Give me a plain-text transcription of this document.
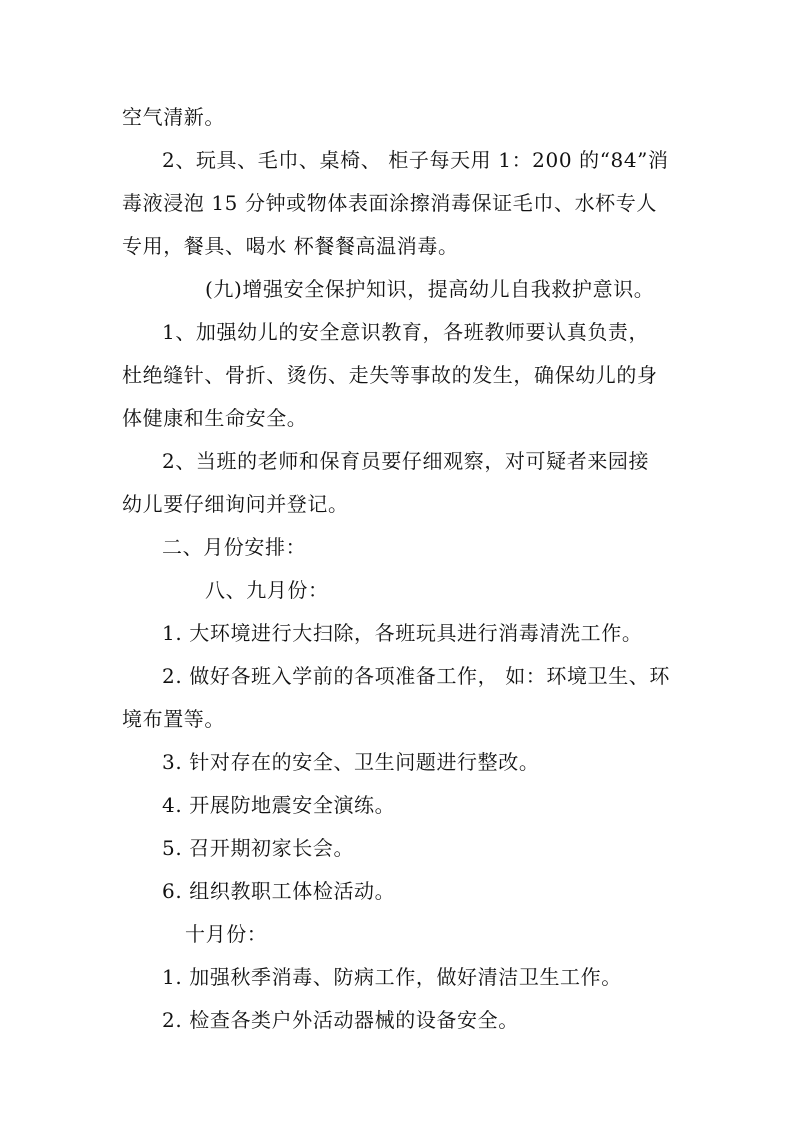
空气清新。
2、玩具、毛巾、桌椅、 柜子每天用 1：200 的“84”消
毒液浸泡 15 分钟或物体表面涂擦消毒保证毛巾、水杯专人
专用，餐具、喝水 杯餐餐高温消毒。
(九)增强安全保护知识，提高幼儿自我救护意识。
1、加强幼儿的安全意识教育，各班教师要认真负责，
杜绝缝针、骨折、烫伤、走失等事故的发生，确保幼儿的身
体健康和生命安全。
2、当班的老师和保育员要仔细观察，对可疑者来园接
幼儿要仔细询问并登记。
二、月份安排：
八、九月份：
1. 大环境进行大扫除，各班玩具进行消毒清洗工作。
2. 做好各班入学前的各项准备工作， 如：环境卫生、环
境布置等。
3. 针对存在的安全、卫生问题进行整改。
4. 开展防地震安全演练。
5. 召开期初家长会。
6. 组织教职工体检活动。
十月份：
1. 加强秋季消毒、防病工作，做好清洁卫生工作。
2. 检查各类户外活动器械的设备安全。
